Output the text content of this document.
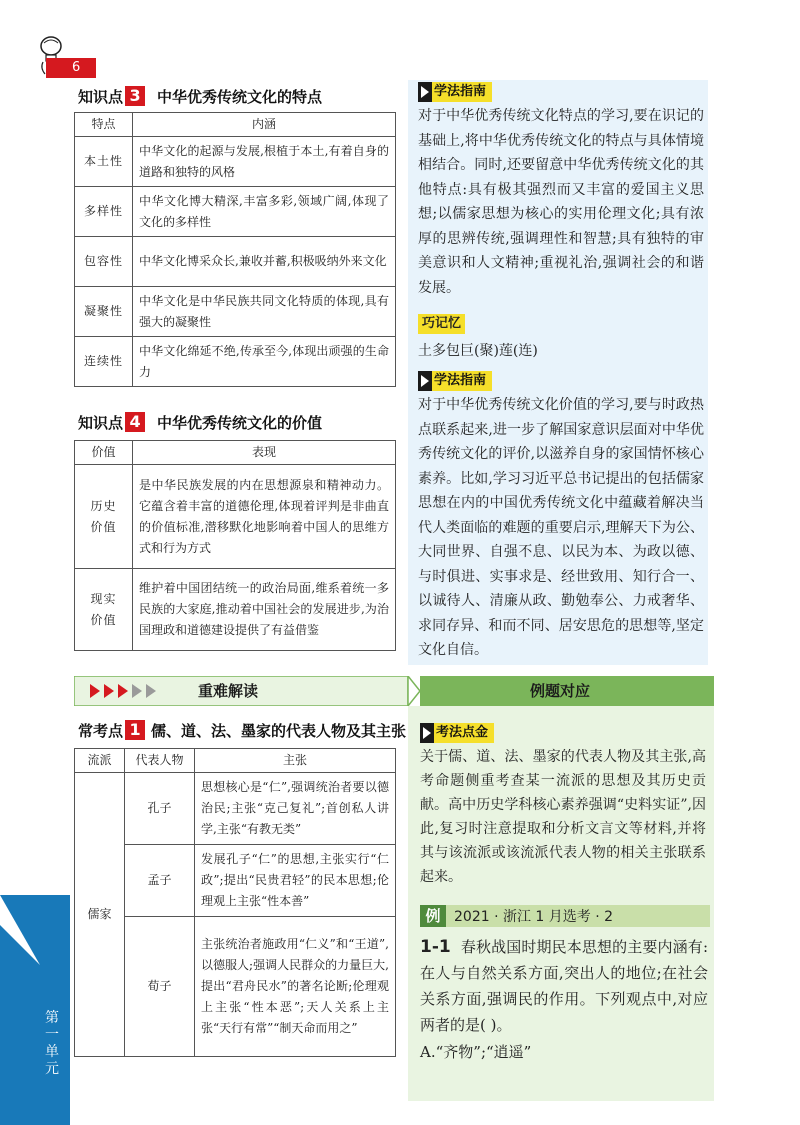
6
第一单元
知识点 3 中华优秀传统文化的特点
特点	内涵
本土性	中华文化的起源与发展,根植于本土,有着自身的道路和独特的风格
多样性	中华文化博大精深,丰富多彩,领域广阔,体现了文化的多样性
包容性	中华文化博采众长,兼收并蓄,积极吸纳外来文化
凝聚性	中华文化是中华民族共同文化特质的体现,具有强大的凝聚性
连续性	中华文化绵延不绝,传承至今,体现出顽强的生命力
知识点 4 中华优秀传统文化的价值
价值	表现
历史价值	是中华民族发展的内在思想源泉和精神动力。它蕴含着丰富的道德伦理,体现着评判是非曲直的价值标准,潜移默化地影响着中国人的思维方式和行为方式
现实价值	维护着中国团结统一的政治局面,维系着统一多民族的大家庭,推动着中国社会的发展进步,为治国理政和道德建设提供了有益借鉴
学法指南
对于中华优秀传统文化特点的学习,要在识记的基础上,将中华优秀传统文化的特点与具体情境相结合。同时,还要留意中华优秀传统文化的其他特点:具有极其强烈而又丰富的爱国主义思想;以儒家思想为核心的实用伦理文化;具有浓厚的思辨传统,强调理性和智慧;具有独特的审美意识和人文精神;重视礼治,强调社会的和谐发展。
巧记忆
土多包巨(聚)莲(连)
学法指南
对于中华优秀传统文化价值的学习,要与时政热点联系起来,进一步了解国家意识层面对中华优秀传统文化的评价,以滋养自身的家国情怀核心素养。比如,学习习近平总书记提出的包括儒家思想在内的中国优秀传统文化中蕴藏着解决当代人类面临的难题的重要启示,理解天下为公、大同世界、自强不息、以民为本、为政以德、与时俱进、实事求是、经世致用、知行合一、以诚待人、清廉从政、勤勉奉公、力戒奢华、求同存异、和而不同、居安思危的思想等,坚定文化自信。
重难解读	例题对应
常考点 1 儒、道、法、墨家的代表人物及其主张
流派	代表人物	主张
儒家	孔子	思想核心是“仁”,强调统治者要以德治民;主张“克己复礼”;首创私人讲学,主张“有教无类”
	孟子	发展孔子“仁”的思想,主张实行“仁政”;提出“民贵君轻”的民本思想;伦理观上主张“性本善”
	荀子	主张统治者施政用“仁义”和“王道”,以德服人;强调人民群众的力量巨大,提出“君舟民水”的著名论断;伦理观上主张“性本恶”;天人关系上主张“天行有常”“制天命而用之”
考法点金
关于儒、道、法、墨家的代表人物及其主张,高考命题侧重考查某一流派的思想及其历史贡献。高中历史学科核心素养强调“史料实证”,因此,复习时注意提取和分析文言文等材料,并将其与该流派或该流派代表人物的相关主张联系起来。
例 2021 · 浙江 1 月选考 · 2
1-1 春秋战国时期民本思想的主要内涵有:在人与自然关系方面,突出人的地位;在社会关系方面,强调民的作用。下列观点中,对应两者的是( )。
A.“齐物”;“逍遥”
